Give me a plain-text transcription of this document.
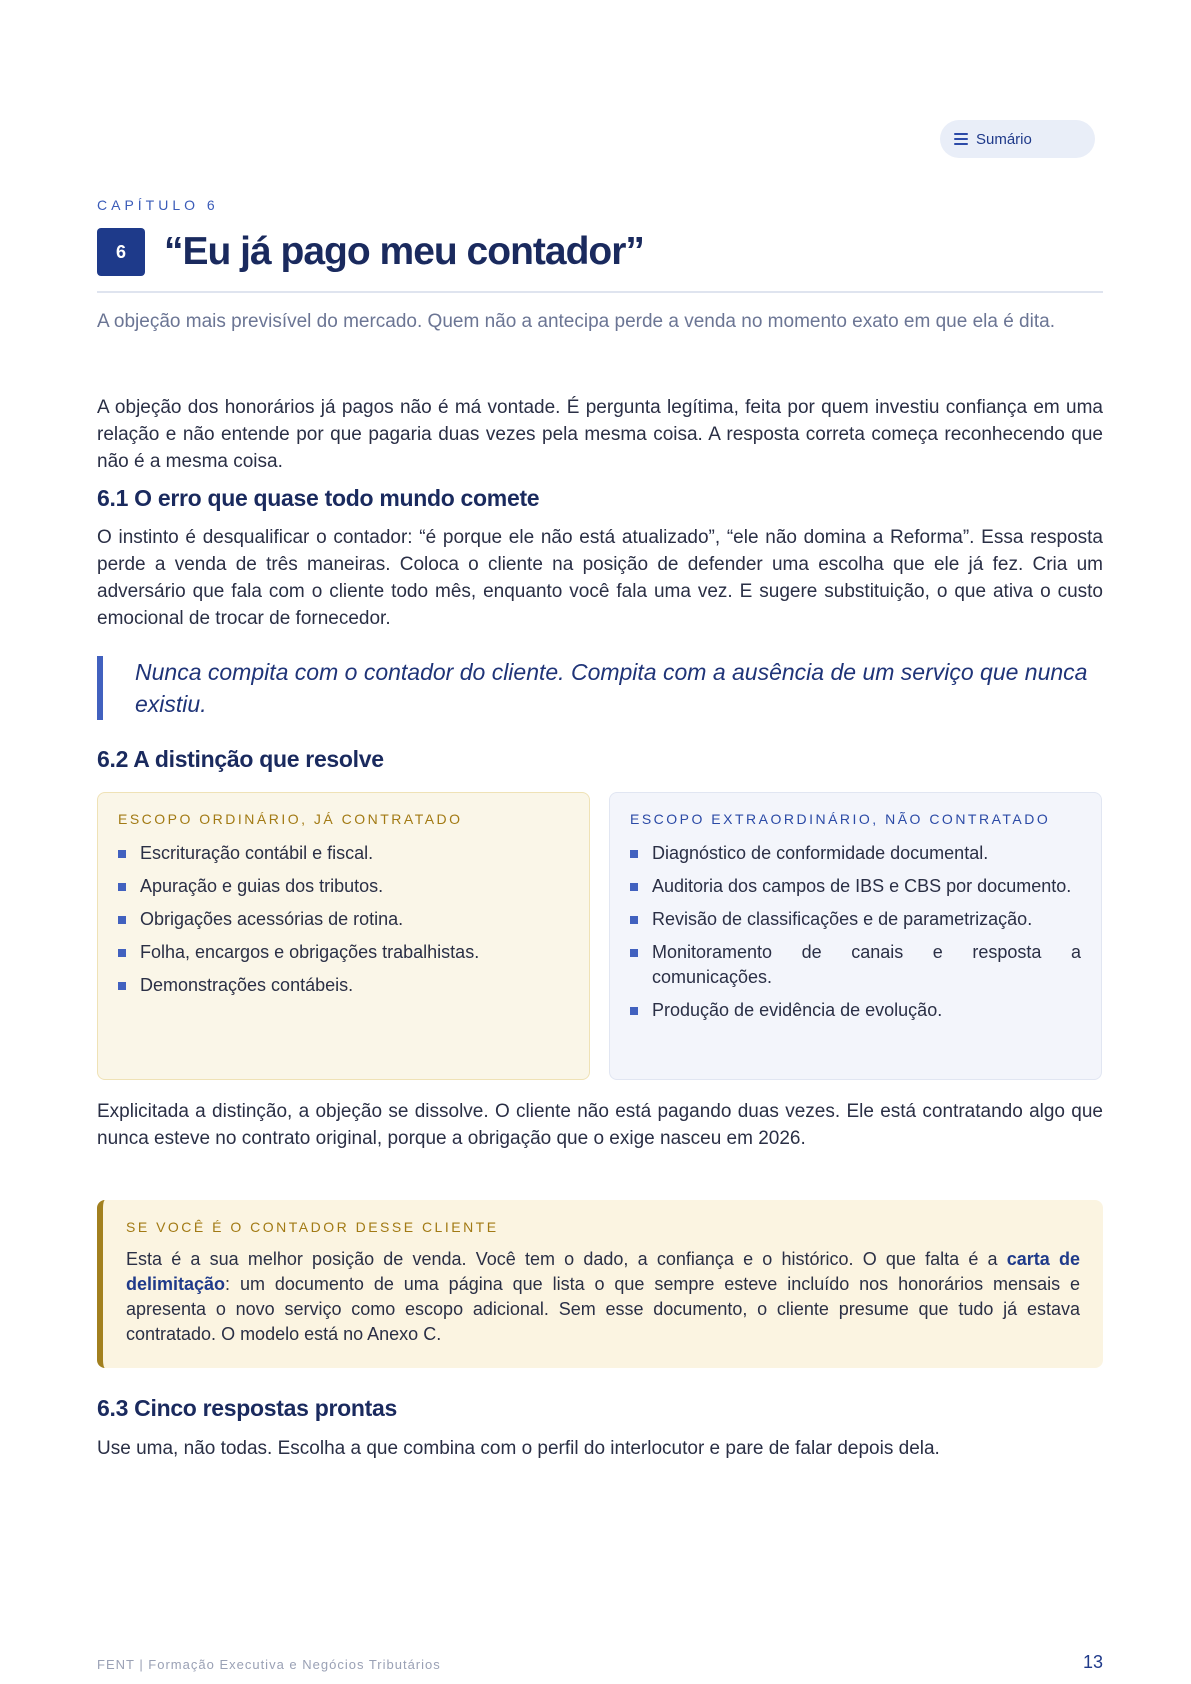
Sumário
CAPÍTULO 6
6 “Eu já pago meu contador”

A objeção mais previsível do mercado. Quem não a antecipa perde a venda no momento exato em que ela é dita.

A objeção dos honorários já pagos não é má vontade. É pergunta legítima, feita por quem investiu confiança em uma relação e não entende por que pagaria duas vezes pela mesma coisa. A resposta correta começa reconhecendo que não é a mesma coisa.

6.1 O erro que quase todo mundo comete

O instinto é desqualificar o contador: “é porque ele não está atualizado”, “ele não domina a Reforma”. Essa resposta perde a venda de três maneiras. Coloca o cliente na posição de defender uma escolha que ele já fez. Cria um adversário que fala com o cliente todo mês, enquanto você fala uma vez. E sugere substituição, o que ativa o custo emocional de trocar de fornecedor.

Nunca compita com o contador do cliente. Compita com a ausência de um serviço que nunca existiu.
6.2 A distinção que resolve
ESCOPO ORDINÁRIO, JÁ CONTRATADO
Escrituração contábil e fiscal.
Apuração e guias dos tributos.
Obrigações acessórias de rotina.
Folha, encargos e obrigações trabalhistas.
Demonstrações contábeis.
ESCOPO EXTRAORDINÁRIO, NÃO CONTRATADO
Diagnóstico de conformidade documental.
Auditoria dos campos de IBS e CBS por documento.
Revisão de classificações e de parametrização.
Monitoramento de canais e resposta a comunicações.
Produção de evidência de evolução.

Explicitada a distinção, a objeção se dissolve. O cliente não está pagando duas vezes. Ele está contratando algo que nunca esteve no contrato original, porque a obrigação que o exige nasceu em 2026.

SE VOCÊ É O CONTADOR DESSE CLIENTE

Esta é a sua melhor posição de venda. Você tem o dado, a confiança e o histórico. O que falta é a carta de delimitação: um documento de uma página que lista o que sempre esteve incluído nos honorários mensais e apresenta o novo serviço como escopo adicional. Sem esse documento, o cliente presume que tudo já estava contratado. O modelo está no Anexo C.

6.3 Cinco respostas prontas

Use uma, não todas. Escolha a que combina com o perfil do interlocutor e pare de falar depois dela.

FENT | Formação Executiva e Negócios Tributários	13
